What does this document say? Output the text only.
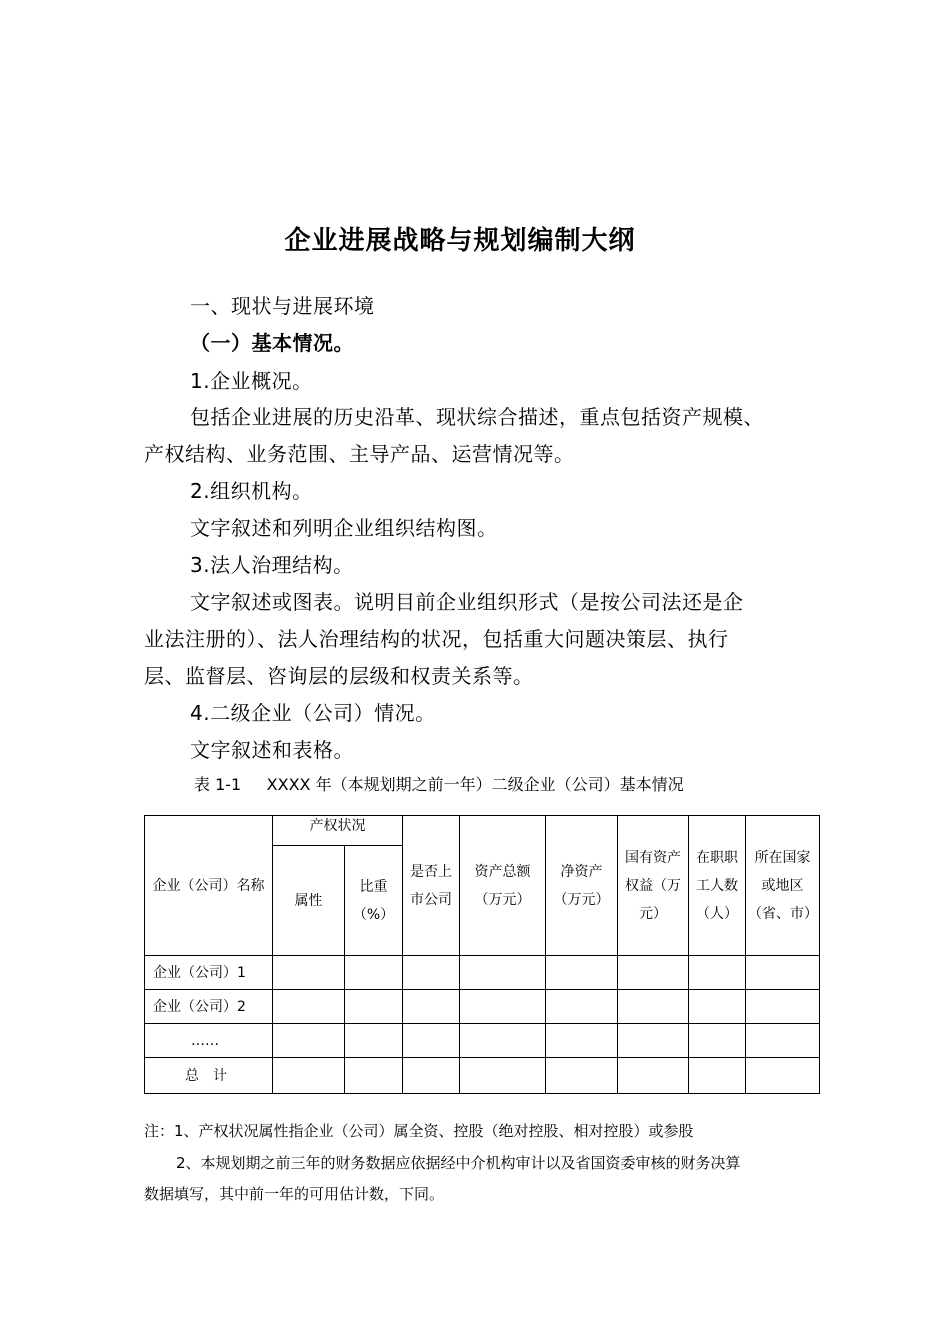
企业进展战略与规划编制大纲
一、现状与进展环境
（一）基本情况。
1.企业概况。
包括企业进展的历史沿革、现状综合描述，重点包括资产规模、
产权结构、业务范围、主导产品、运营情况等。
2.组织机构。
文字叙述和列明企业组织结构图。
3.法人治理结构。
文字叙述或图表。说明目前企业组织形式（是按公司法还是企
业法注册的）、法人治理结构的状况，包括重大问题决策层、执行
层、监督层、咨询层的层级和权责关系等。
4.二级企业（公司）情况。
文字叙述和表格。
表 1-1     XXXX 年（本规划期之前一年）二级企业（公司）基本情况
企业（公司）名称	产权状况		是否上市公司	资产总额（万元）	净资产（万元）	国有资产权益（万元）	在职职工人数（人）	所在国家或地区（省、市）	
	属性	比重（%）							
企业（公司）1									
企业（公司）2									
……									
总　计									
注：1、产权状况属性指企业（公司）属全资、控股（绝对控股、相对控股）或参股
2、本规划期之前三年的财务数据应依据经中介机构审计以及省国资委审核的财务决算
数据填写，其中前一年的可用估计数，下同。
